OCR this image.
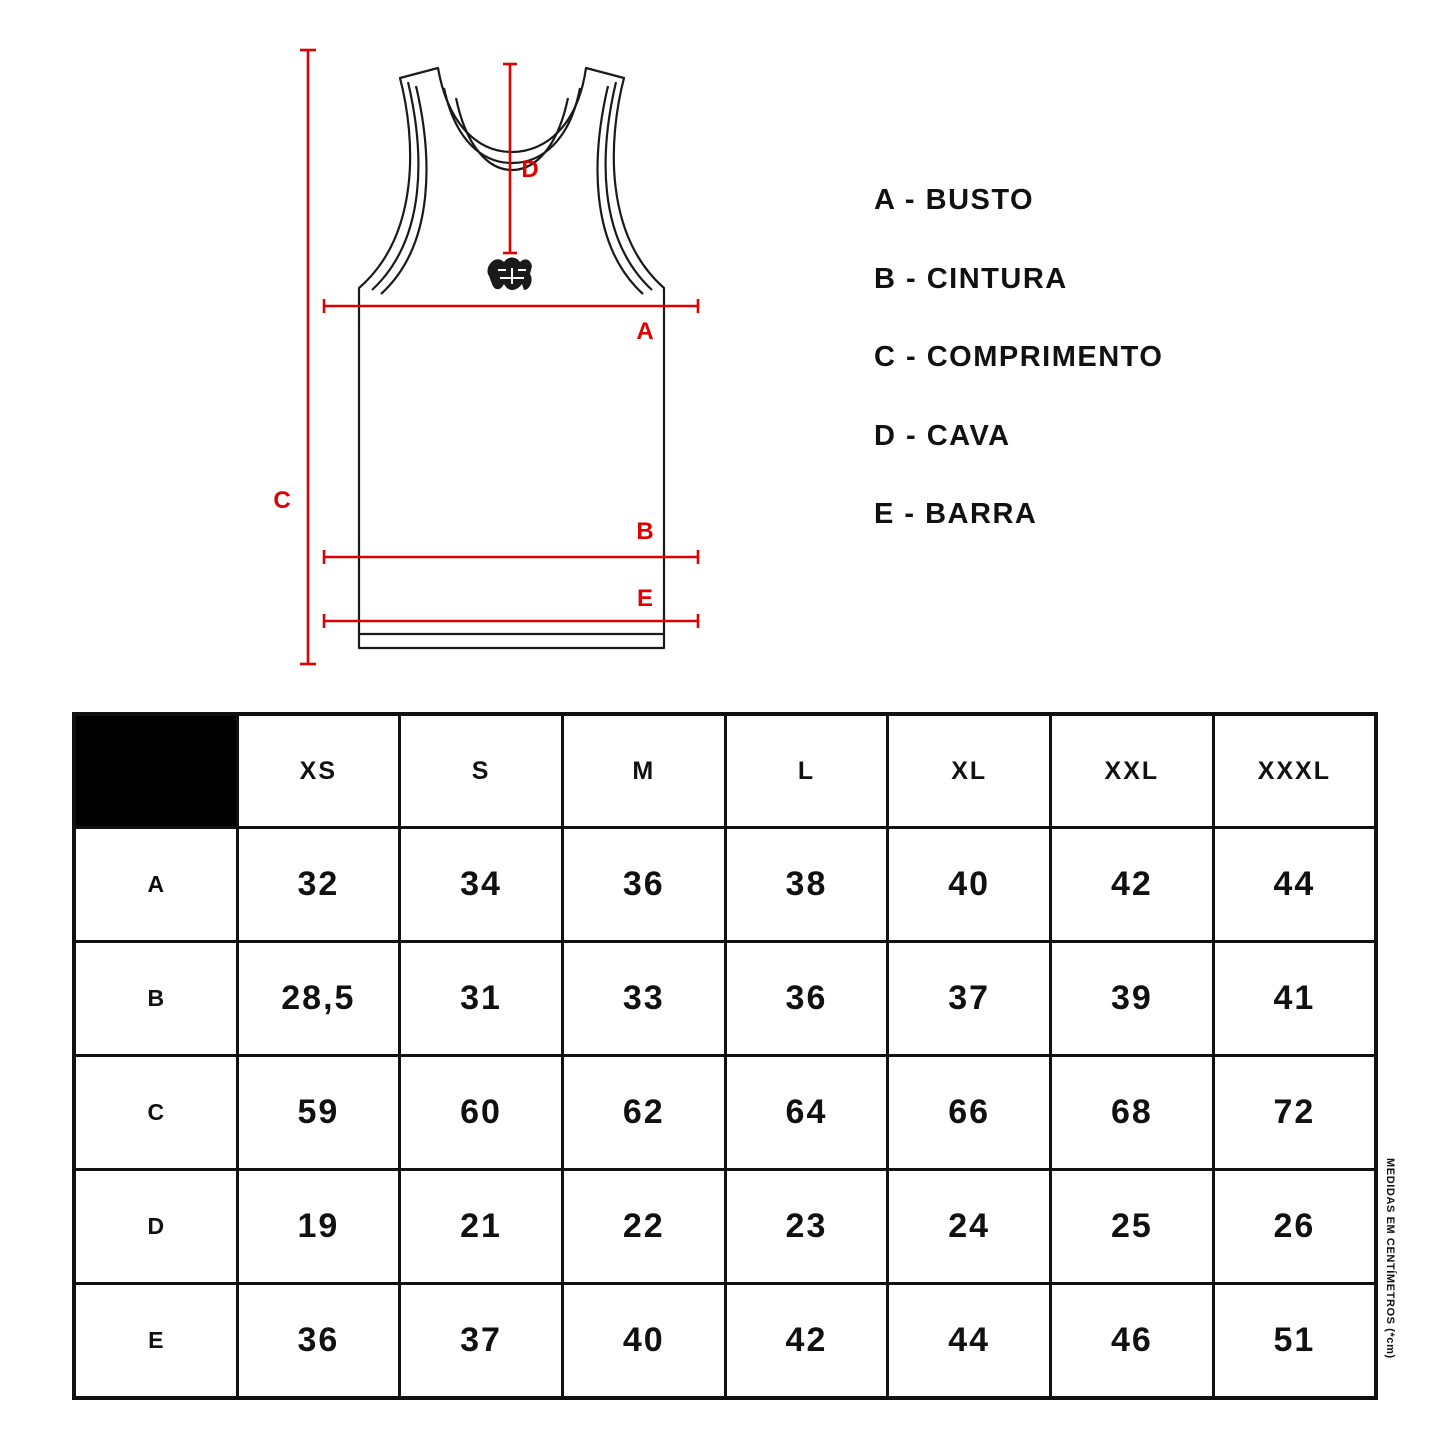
D
A
C
B
E
A - BUSTO
B - CINTURA
C - COMPRIMENTO
D - CAVA
E - BARRA
	XS	S	M	L	XL	XXL	XXXL
A	32	34	36	38	40	42	44
B	28,5	31	33	36	37	39	41
C	59	60	62	64	66	68	72
D	19	21	22	23	24	25	26
E	36	37	40	42	44	46	51	MEDIDAS EM CENTÍMETROS (*cm)
